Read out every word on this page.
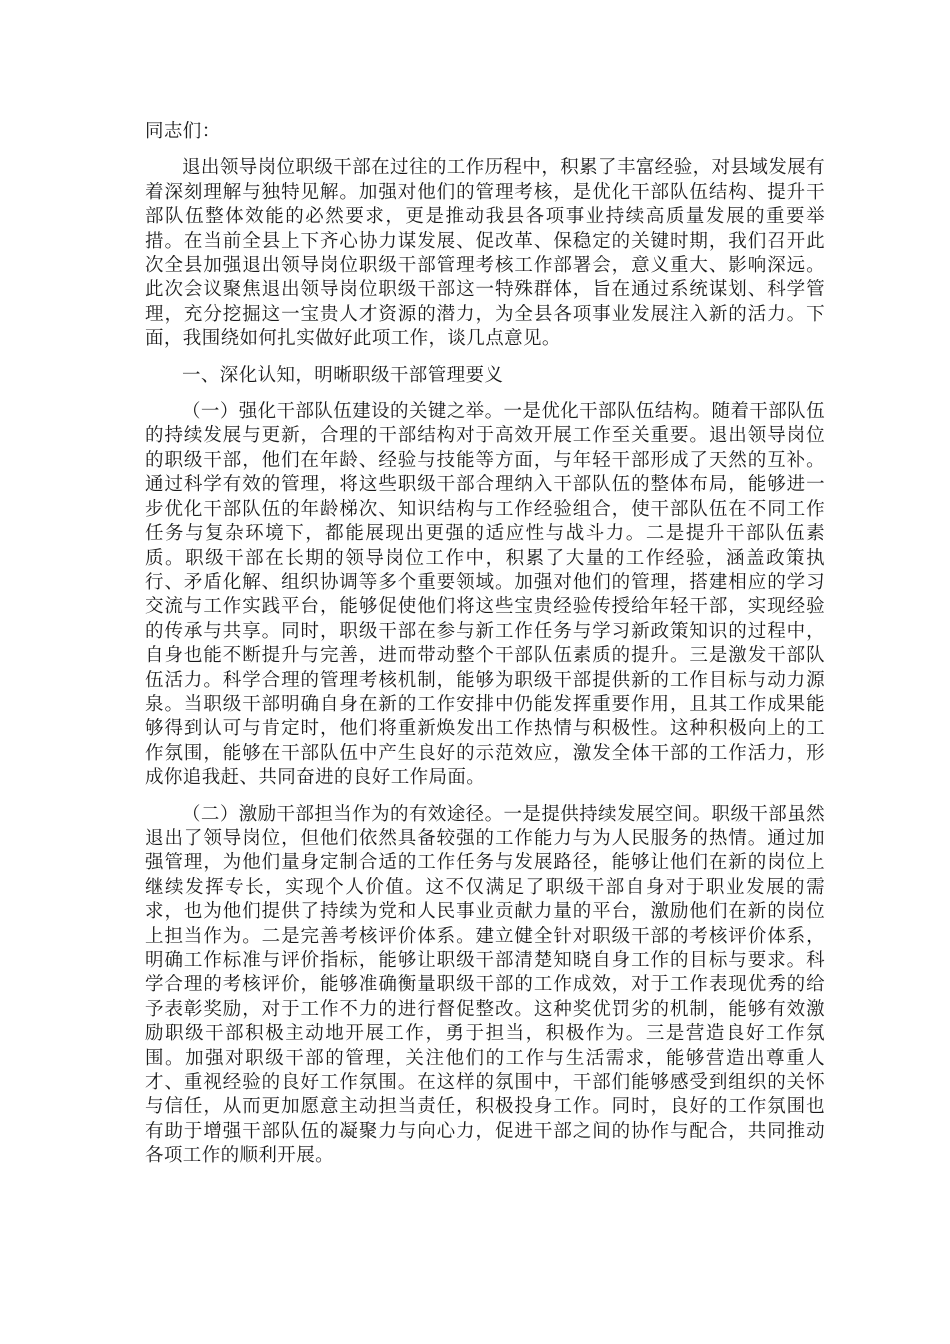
同志们：

退出领导岗位职级干部在过往的工作历程中，积累了丰富经验，对县域发展有着深刻理解与独特见解。加强对他们的管理考核，是优化干部队伍结构、提升干部队伍整体效能的必然要求，更是推动我县各项事业持续高质量发展的重要举措。在当前全县上下齐心协力谋发展、促改革、保稳定的关键时期，我们召开此次全县加强退出领导岗位职级干部管理考核工作部署会，意义重大、影响深远。此次会议聚焦退出领导岗位职级干部这一特殊群体，旨在通过系统谋划、科学管理，充分挖掘这一宝贵人才资源的潜力，为全县各项事业发展注入新的活力。下面，我围绕如何扎实做好此项工作，谈几点意见。

一、深化认知，明晰职级干部管理要义

（一）强化干部队伍建设的关键之举。一是优化干部队伍结构。随着干部队伍的持续发展与更新，合理的干部结构对于高效开展工作至关重要。退出领导岗位的职级干部，他们在年龄、经验与技能等方面，与年轻干部形成了天然的互补。通过科学有效的管理，将这些职级干部合理纳入干部队伍的整体布局，能够进一步优化干部队伍的年龄梯次、知识结构与工作经验组合，使干部队伍在不同工作任务与复杂环境下，都能展现出更强的适应性与战斗力。二是提升干部队伍素质。职级干部在长期的领导岗位工作中，积累了大量的工作经验，涵盖政策执行、矛盾化解、组织协调等多个重要领域。加强对他们的管理，搭建相应的学习交流与工作实践平台，能够促使他们将这些宝贵经验传授给年轻干部，实现经验的传承与共享。同时，职级干部在参与新工作任务与学习新政策知识的过程中，自身也能不断提升与完善，进而带动整个干部队伍素质的提升。三是激发干部队伍活力。科学合理的管理考核机制，能够为职级干部提供新的工作目标与动力源泉。当职级干部明确自身在新的工作安排中仍能发挥重要作用，且其工作成果能够得到认可与肯定时，他们将重新焕发出工作热情与积极性。这种积极向上的工作氛围，能够在干部队伍中产生良好的示范效应，激发全体干部的工作活力，形成你追我赶、共同奋进的良好工作局面。

（二）激励干部担当作为的有效途径。一是提供持续发展空间。职级干部虽然退出了领导岗位，但他们依然具备较强的工作能力与为人民服务的热情。通过加强管理，为他们量身定制合适的工作任务与发展路径，能够让他们在新的岗位上继续发挥专长，实现个人价值。这不仅满足了职级干部自身对于职业发展的需求，也为他们提供了持续为党和人民事业贡献力量的平台，激励他们在新的岗位上担当作为。二是完善考核评价体系。建立健全针对职级干部的考核评价体系，明确工作标准与评价指标，能够让职级干部清楚知晓自身工作的目标与要求。科学合理的考核评价，能够准确衡量职级干部的工作成效，对于工作表现优秀的给予表彰奖励，对于工作不力的进行督促整改。这种奖优罚劣的机制，能够有效激励职级干部积极主动地开展工作，勇于担当，积极作为。三是营造良好工作氛围。加强对职级干部的管理，关注他们的工作与生活需求，能够营造出尊重人才、重视经验的良好工作氛围。在这样的氛围中，干部们能够感受到组织的关怀与信任，从而更加愿意主动担当责任，积极投身工作。同时，良好的工作氛围也有助于增强干部队伍的凝聚力与向心力，促进干部之间的协作与配合，共同推动各项工作的顺利开展。
